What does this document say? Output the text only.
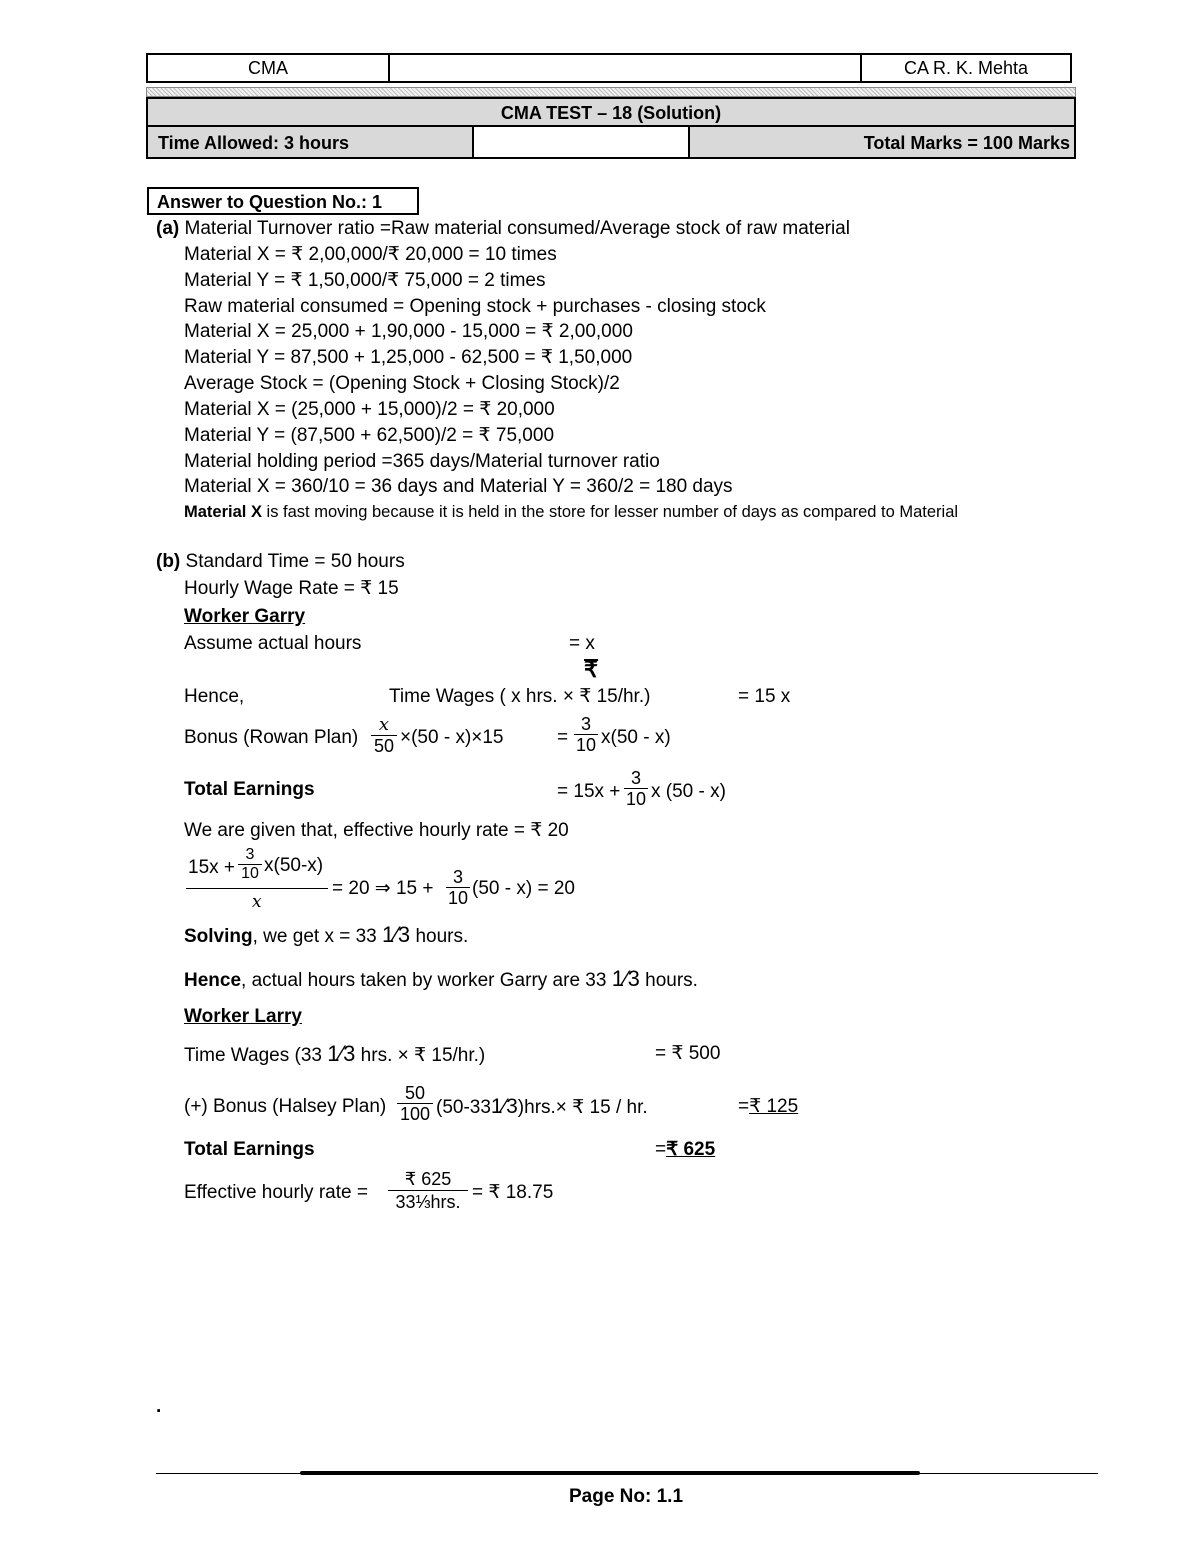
CMA	CA R. K. Mehta
CMA TEST – 18 (Solution)
Time Allowed: 3 hours	Total Marks = 100 Marks
Answer to Question No.: 1
(a) Material Turnover ratio =Raw material consumed/Average stock of raw material
Material X = ₹ 2,00,000/₹ 20,000 = 10 times
Material Y = ₹ 1,50,000/₹ 75,000 = 2 times
Raw material consumed = Opening stock + purchases - closing stock
Material X = 25,000 + 1,90,000 - 15,000 = ₹ 2,00,000
Material Y = 87,500 + 1,25,000 - 62,500 = ₹ 1,50,000
Average Stock = (Opening Stock + Closing Stock)/2
Material X = (25,000 + 15,000)/2 = ₹ 20,000
Material Y = (87,500 + 62,500)/2 = ₹ 75,000
Material holding period =365 days/Material turnover ratio
Material X = 360/10 = 36 days and Material Y = 360/2 = 180 days
Material X is fast moving because it is held in the store for lesser number of days as compared to Material
(b) Standard Time = 50 hours
Hourly Wage Rate = ₹ 15
Worker Garry
Assume actual hours	= x
₹
Hence,	Time Wages ( x hrs. × ₹ 15/hr.)	= 15 x
Bonus (Rowan Plan) $\frac{x}{50} \times(50 - x)\times 15$	= $\frac{3}{10} x(50 - x)$
Total Earnings	= $15x + \frac{3}{10}$ x (50 - x)
We are given that, effective hourly rate = ₹ 20
$15x + \frac{3}{10} x(50-x)$
x
= 20 ⇒ $15 + \frac{3}{10} (50 - x) = 20$
Solving, we get x = 33 1⁄3 hours.
Hence, actual hours taken by worker Garry are 33 1⁄3 hours.
Worker Larry
Time Wages (33 1⁄3 hrs. × ₹ 15/hr.)	= ₹ 500
(+) Bonus (Halsey Plan) $\frac{50}{100}$ (50-331⁄3)hrs.× ₹ 15 / hr.	=₹ 125
Total Earnings	=₹ 625
Effective hourly rate =
₹ 625
33⅓hrs. = ₹ 18.75
.
Page No: 1.1
